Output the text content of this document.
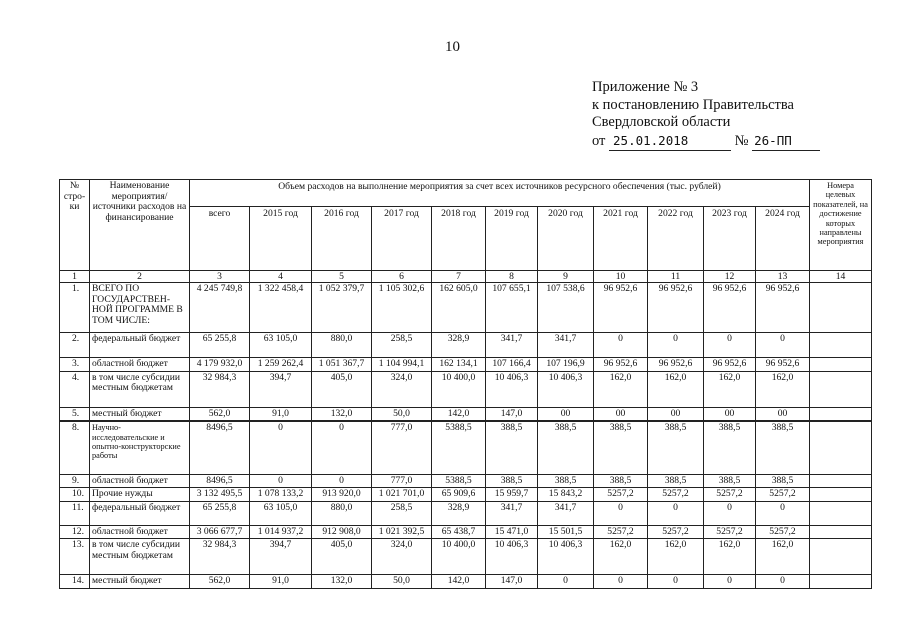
10
Приложение № 3
к постановлению Правительства
Свердловской области
от 25.01.2018	№ 26-ПП
№ стро-ки	Наименование мероприятия/ источники расходов на финансирование	Объем расходов на выполнение мероприятия за счет всех источников ресурсного обеспечения (тыс. рублей)											Номера целевых показателей, на достижение которых направлены мероприятия
		всего	2015 год	2016 год	2017 год	2018 год	2019 год	2020 год	2021 год	2022 год	2023 год	2024 год	
1	2	3	4	5	6	7	8	9	10	11	12	13	14
1.	ВСЕГО ПО ГОСУДАРСТВЕН-НОЙ ПРОГРАММЕ В ТОМ ЧИСЛЕ:	4 245 749,8	1 322 458,4	1 052 379,7	1 105 302,6	162 605,0	107 655,1	107 538,6	96 952,6	96 952,6	96 952,6	96 952,6	
2.	федеральный бюджет	65 255,8	63 105,0	880,0	258,5	328,9	341,7	341,7	0	0	0	0	
3.	областной бюджет	4 179 932,0	1 259 262,4	1 051 367,7	1 104 994,1	162 134,1	107 166,4	107 196,9	96 952,6	96 952,6	96 952,6	96 952,6	
4.	в том числе субсидии местным бюджетам	32 984,3	394,7	405,0	324,0	10 400,0	10 406,3	10 406,3	162,0	162,0	162,0	162,0	
5.	местный бюджет	562,0	91,0	132,0	50,0	142,0	147,0	00	00	00	00	00	
8.	Научно-исследовательские и опытно-конструкторские работы	8496,5	0	0	777,0	5388,5	388,5	388,5	388,5	388,5	388,5	388,5	
9.	областной бюджет	8496,5	0	0	777,0	5388,5	388,5	388,5	388,5	388,5	388,5	388,5	
10.	Прочие нужды	3 132 495,5	1 078 133,2	913 920,0	1 021 701,0	65 909,6	15 959,7	15 843,2	5257,2	5257,2	5257,2	5257,2	
11.	федеральный бюджет	65 255,8	63 105,0	880,0	258,5	328,9	341,7	341,7	0	0	0	0	
12.	областной бюджет	3 066 677,7	1 014 937,2	912 908,0	1 021 392,5	65 438,7	15 471,0	15 501,5	5257,2	5257,2	5257,2	5257,2	
13.	в том числе субсидии местным бюджетам	32 984,3	394,7	405,0	324,0	10 400,0	10 406,3	10 406,3	162,0	162,0	162,0	162,0	
14.	местный бюджет	562,0	91,0	132,0	50,0	142,0	147,0	0	0	0	0	0	
